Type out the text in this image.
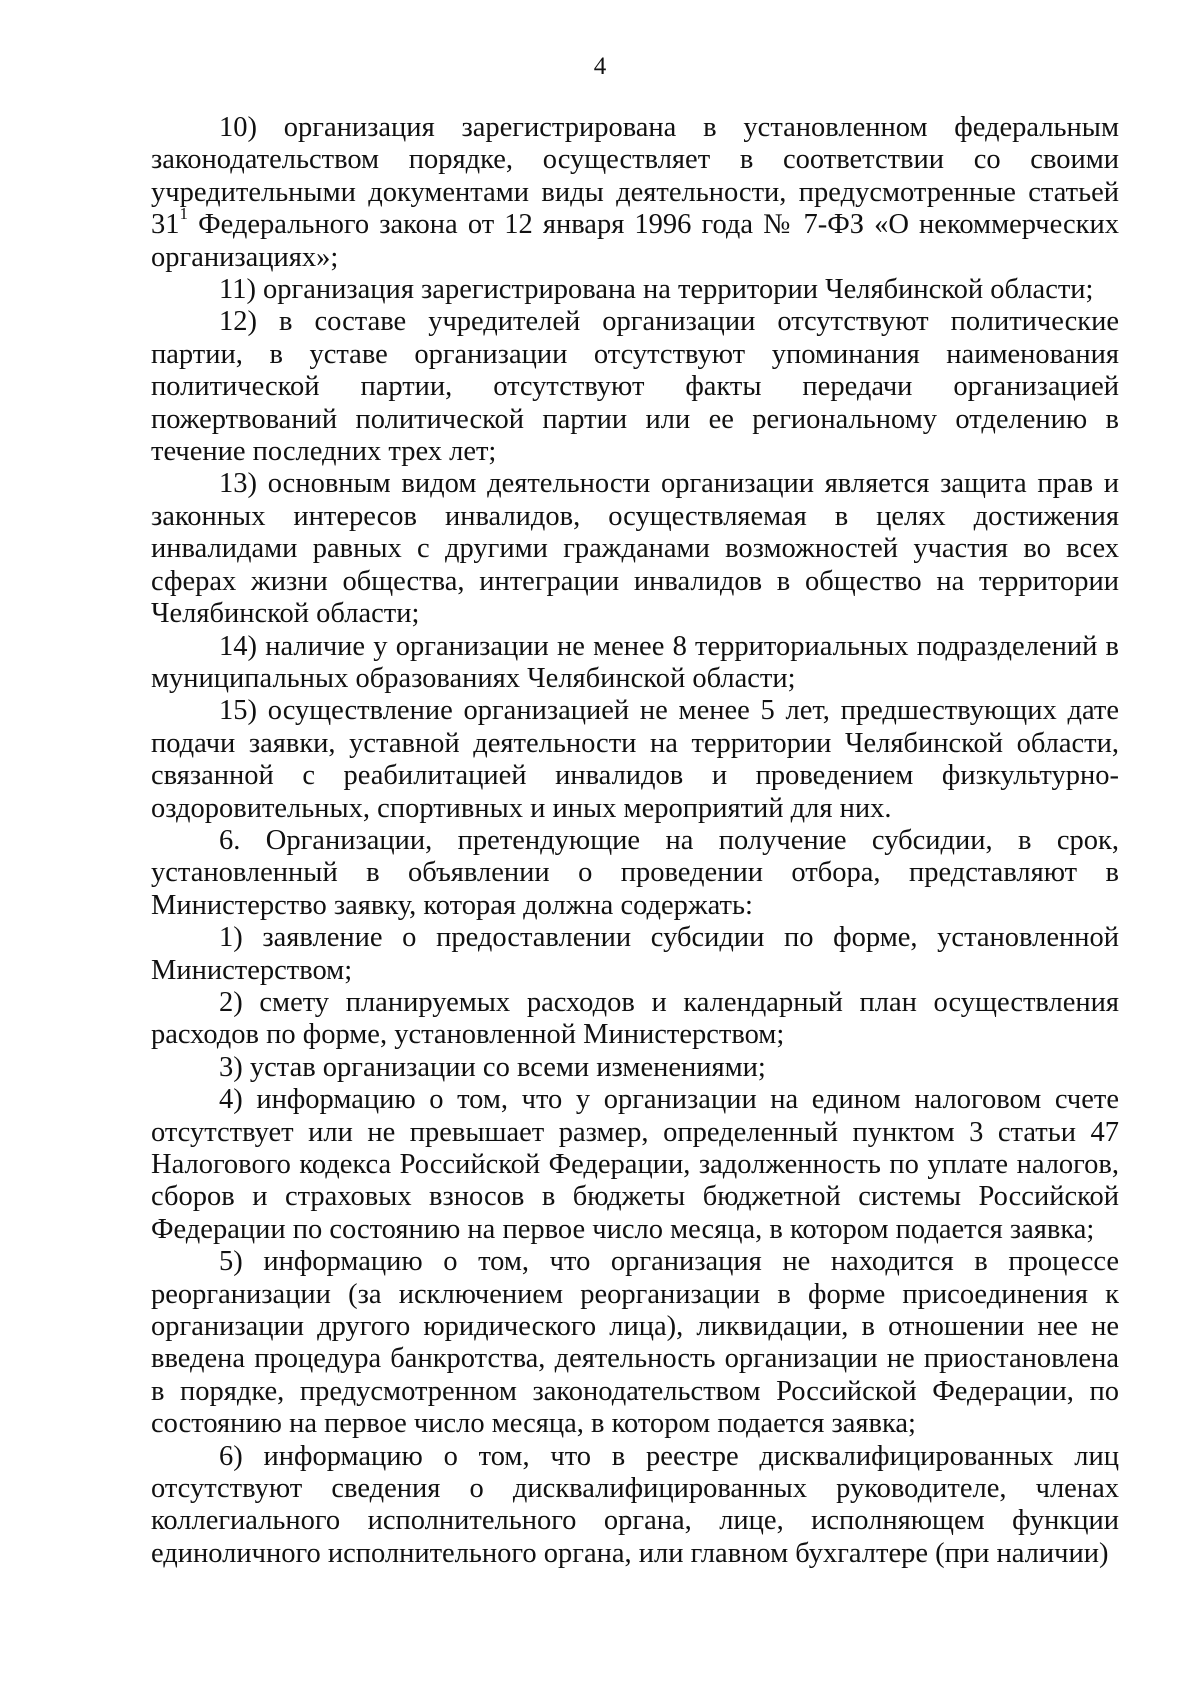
4

10) организация зарегистрирована в установленном федеральным законодательством порядке, осуществляет в соответствии со своими учредительными документами виды деятельности, предусмотренные статьей $31^1$ Федерального закона от 12 января 1996 года № 7-ФЗ «О некоммерческих организациях»;

11) организация зарегистрирована на территории Челябинской области;

12) в составе учредителей организации отсутствуют политические партии, в уставе организации отсутствуют упоминания наименования политической партии, отсутствуют факты передачи организацией пожертвований политической партии или ее региональному отделению в течение последних трех лет;

13) основным видом деятельности организации является защита прав и законных интересов инвалидов, осуществляемая в целях достижения инвалидами равных с другими гражданами возможностей участия во всех сферах жизни общества, интеграции инвалидов в общество на территории Челябинской области;

14) наличие у организации не менее 8 территориальных подразделений в муниципальных образованиях Челябинской области;

15) осуществление организацией не менее 5 лет, предшествующих дате подачи заявки, уставной деятельности на территории Челябинской области, связанной с реабилитацией инвалидов и проведением физкультурно-оздоровительных, спортивных и иных мероприятий для них.

6. Организации, претендующие на получение субсидии, в срок, установленный в объявлении о проведении отбора, представляют в Министерство заявку, которая должна содержать:

1) заявление о предоставлении субсидии по форме, установленной Министерством;

2) смету планируемых расходов и календарный план осуществления расходов по форме, установленной Министерством;

3) устав организации со всеми изменениями;

4) информацию о том, что у организации на едином налоговом счете отсутствует или не превышает размер, определенный пунктом 3 статьи 47 Налогового кодекса Российской Федерации, задолженность по уплате налогов, сборов и страховых взносов в бюджеты бюджетной системы Российской Федерации по состоянию на первое число месяца, в котором подается заявка;

5) информацию о том, что организация не находится в процессе реорганизации (за исключением реорганизации в форме присоединения к организации другого юридического лица), ликвидации, в отношении нее не введена процедура банкротства, деятельность организации не приостановлена в порядке, предусмотренном законодательством Российской Федерации, по состоянию на первое число месяца, в котором подается заявка;

6) информацию о том, что в реестре дисквалифицированных лиц отсутствуют сведения о дисквалифицированных руководителе, членах коллегиального исполнительного органа, лице, исполняющем функции единоличного исполнительного органа, или главном бухгалтере (при наличии)
